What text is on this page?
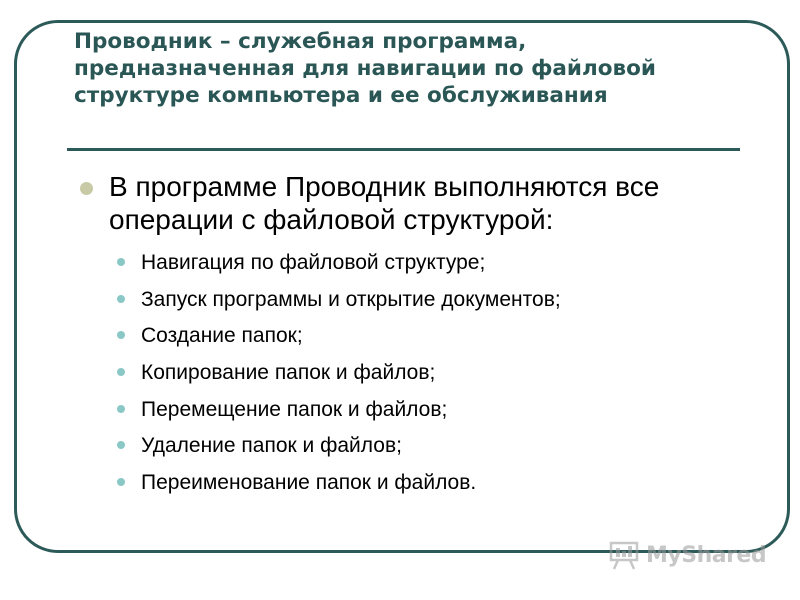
Проводник – служебная программа, предназначенная для навигации по файловой структуре компьютера и ее обслуживания
В программе Проводник выполняются все операции с файловой структурой:
Навигация по файловой структуре;
Запуск программы и открытие документов;
Создание папок;
Копирование папок и файлов;
Перемещение папок и файлов;
Удаление папок и файлов;
Переименование папок и файлов.
MyShared
